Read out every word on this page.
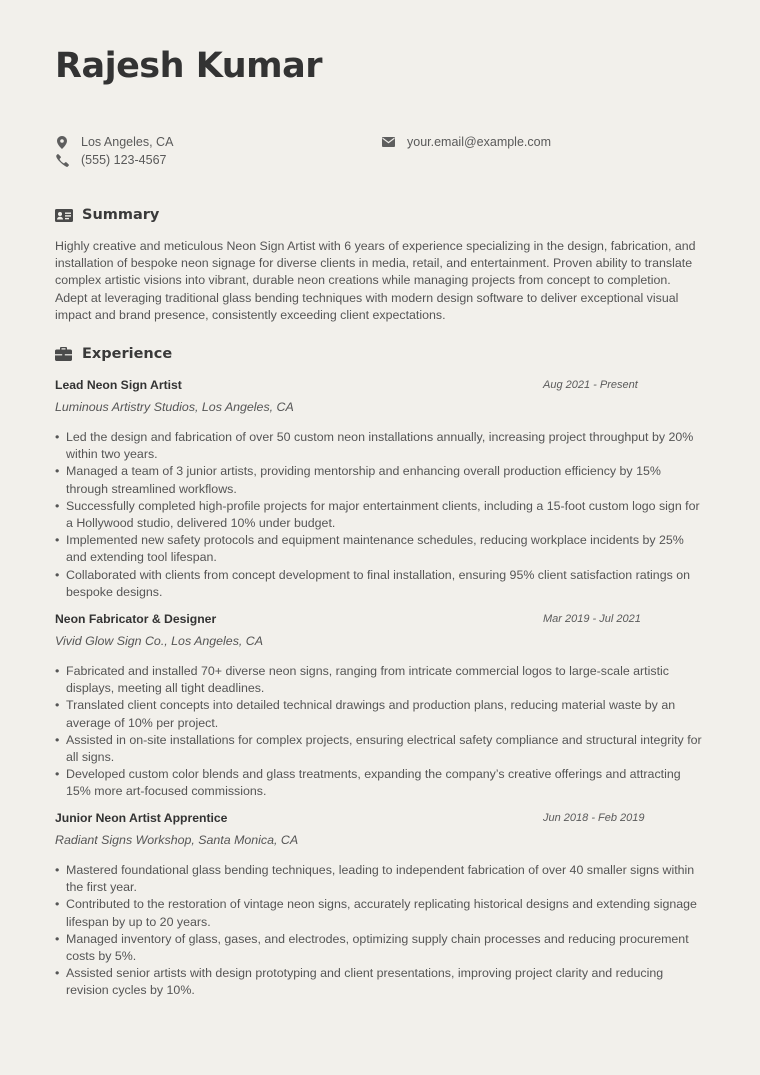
Rajesh Kumar
Los Angeles, CA
(555) 123-4567
your.email@example.com
Summary

Highly creative and meticulous Neon Sign Artist with 6 years of experience specializing in the design, fabrication, and installation of bespoke neon signage for diverse clients in media, retail, and entertainment. Proven ability to translate complex artistic visions into vibrant, durable neon creations while managing projects from concept to completion. Adept at leveraging traditional glass bending techniques with modern design software to deliver exceptional visual impact and brand presence, consistently exceeding client expectations.

Experience
Lead Neon Sign Artist	Aug 2021 - Present
Luminous Artistry Studios, Los Angeles, CA
• Led the design and fabrication of over 50 custom neon installations annually, increasing project throughput by 20% within two years.
• Managed a team of 3 junior artists, providing mentorship and enhancing overall production efficiency by 15% through streamlined workflows.
• Successfully completed high-profile projects for major entertainment clients, including a 15-foot custom logo sign for a Hollywood studio, delivered 10% under budget.
• Implemented new safety protocols and equipment maintenance schedules, reducing workplace incidents by 25% and extending tool lifespan.
• Collaborated with clients from concept development to final installation, ensuring 95% client satisfaction ratings on bespoke designs.
Neon Fabricator & Designer	Mar 2019 - Jul 2021
Vivid Glow Sign Co., Los Angeles, CA
• Fabricated and installed 70+ diverse neon signs, ranging from intricate commercial logos to large-scale artistic displays, meeting all tight deadlines.
• Translated client concepts into detailed technical drawings and production plans, reducing material waste by an average of 10% per project.
• Assisted in on-site installations for complex projects, ensuring electrical safety compliance and structural integrity for all signs.
• Developed custom color blends and glass treatments, expanding the company’s creative offerings and attracting 15% more art-focused commissions.
Junior Neon Artist Apprentice	Jun 2018 - Feb 2019
Radiant Signs Workshop, Santa Monica, CA
• Mastered foundational glass bending techniques, leading to independent fabrication of over 40 smaller signs within the first year.
• Contributed to the restoration of vintage neon signs, accurately replicating historical designs and extending signage lifespan by up to 20 years.
• Managed inventory of glass, gases, and electrodes, optimizing supply chain processes and reducing procurement costs by 5%.
• Assisted senior artists with design prototyping and client presentations, improving project clarity and reducing revision cycles by 10%.
